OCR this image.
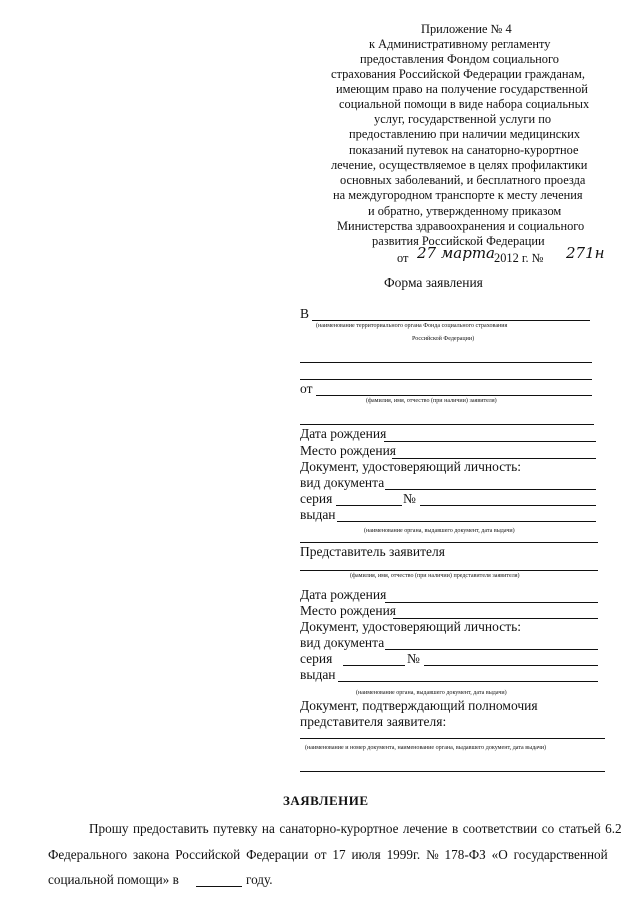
Приложение № 4
к Административному регламенту
предоставления Фондом социального
страхования Российской Федерации гражданам,
имеющим право на получение государственной
социальной помощи в виде набора социальных
услуг, государственной услуги по
предоставлению при наличии медицинских
показаний путевок на санаторно-курортное
лечение, осуществляемое в целях профилактики
основных заболеваний, и бесплатного проезда
на междугородном транспорте к месту лечения
и обратно, утвержденному приказом
Министерства здравоохранения и социального
развития Российской Федерации
от 27 марта
2012 г. № 271н
Форма заявления
В
(наименование территориального органа Фонда социального страхования
Российской Федерации)
от
(фамилия, имя, отчество (при наличии) заявителя)
Дата рождения
Место рождения
Документ, удостоверяющий личность:
вид документа
серия	№
выдан
(наименование органа, выдавшего документ, дата выдачи)
Представитель заявителя
(фамилия, имя, отчество (при наличии) представителя заявителя)
Дата рождения
Место рождения
Документ, удостоверяющий личность:
вид документа
серия	№
выдан
(наименование органа, выдавшего документ, дата выдачи)
Документ, подтверждающий полномочия
представителя заявителя:
(наименование и номер документа, наименование органа, выдавшего документ, дата выдачи)
ЗАЯВЛЕНИЕ
Прошу предоставить путевку на санаторно-курортное лечение в соответствии со статьей 6.2
Федерального закона Российской Федерации от 17 июля 1999г. № 178-ФЗ «О государственной
социальной помощи» в	году.
